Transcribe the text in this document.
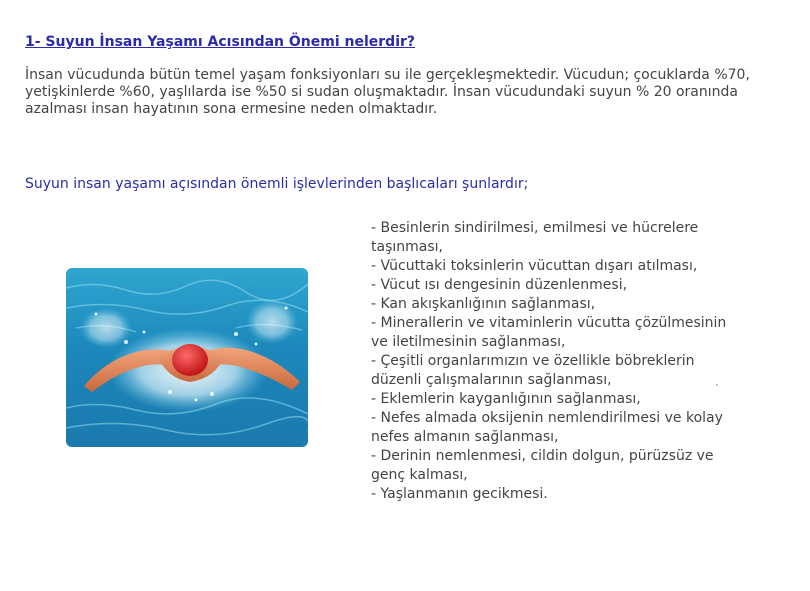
1- Suyun İnsan Yaşamı Acısından Önemi nelerdir?

İnsan vücudunda bütün temel yaşam fonksiyonları su ile gerçekleşmektedir. Vücudun; çocuklarda %70, yetişkinlerde %60, yaşlılarda ise %50 si sudan oluşmaktadır. İnsan vücudundaki suyun % 20 oranında azalması insan hayatının sona ermesine neden olmaktadır.

Suyun insan yaşamı açısından önemli işlevlerinden başlıcaları şunlardır;

- Besinlerin sindirilmesi, emilmesi ve hücrelere taşınması,
- Vücuttaki toksinlerin vücuttan dışarı atılması,
- Vücut ısı dengesinin düzenlenmesi,
- Kan akışkanlığının sağlanması,
- Minerallerin ve vitaminlerin vücutta çözülmesinin ve iletilmesinin sağlanması,
- Çeşitli organlarımızın ve özellikle böbreklerin düzenli çalışmalarının sağlanması,
- Eklemlerin kayganlığının sağlanması,
- Nefes almada oksijenin nemlendirilmesi ve kolay nefes almanın sağlanması,
- Derinin nemlenmesi, cildin dolgun, pürüzsüz ve genç kalması,
- Yaşlanmanın gecikmesi.
